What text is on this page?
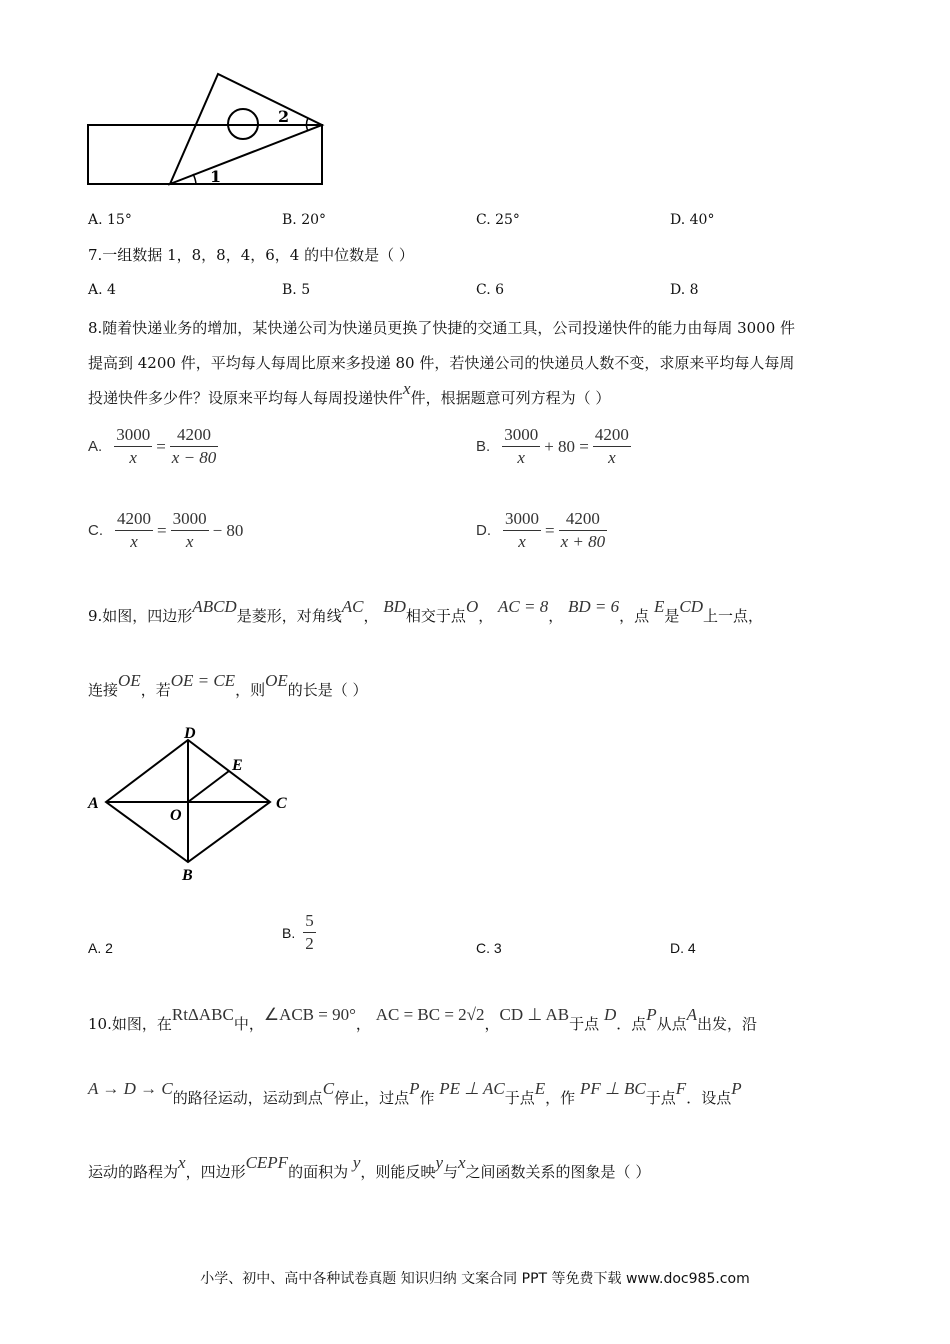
1
2
A. 15°	B. 20°	C. 25°	D. 40°
7.一组数据 1，8，8，4，6，4 的中位数是（ ）
A. 4	B. 5	C. 6	D. 8
8.随着快递业务的增加，某快递公司为快递员更换了快捷的交通工具，公司投递快件的能力由每周 3000 件
提高到 4200 件，平均每人每周比原来多投递 80 件，若快递公司的快递员人数不变，求原来平均每人每周
投递快件多少件？设原来平均每人每周投递快件x件，根据题意可列方程为（ ）
A. $\frac{3000}{x} = \frac{4200}{x - 80}$	B. $\frac{3000}{x} + 80 = \frac{4200}{x}$
C. $\frac{4200}{x} = \frac{3000}{x} - 80$	D. $\frac{3000}{x} = \frac{4200}{x + 80}$
9.如图，四边形ABCD是菱形，对角线AC， BD相交于点O， AC = 8， BD = 6，点 E是CD上一点，
连接OE，若OE = CE，则OE的长是（ ）
A
D
E
C
O
B
A. 2
B. $\frac{5}{2}$	C. 3	D. 4
10.如图，在RtΔABC中，∠ACB = 90°， AC = BC = 2√2，CD ⊥ AB于点 D．点P从点A出发，沿
A → D → C的路径运动，运动到点C停止，过点P作 PE ⊥ AC于点E，作 PF ⊥ BC于点F．设点P
运动的路程为x，四边形CEPF的面积为 y，则能反映y与x之间函数关系的图象是（ ）
小学、初中、高中各种试卷真题 知识归纳 文案合同 PPT 等免费下载 www.doc985.com
